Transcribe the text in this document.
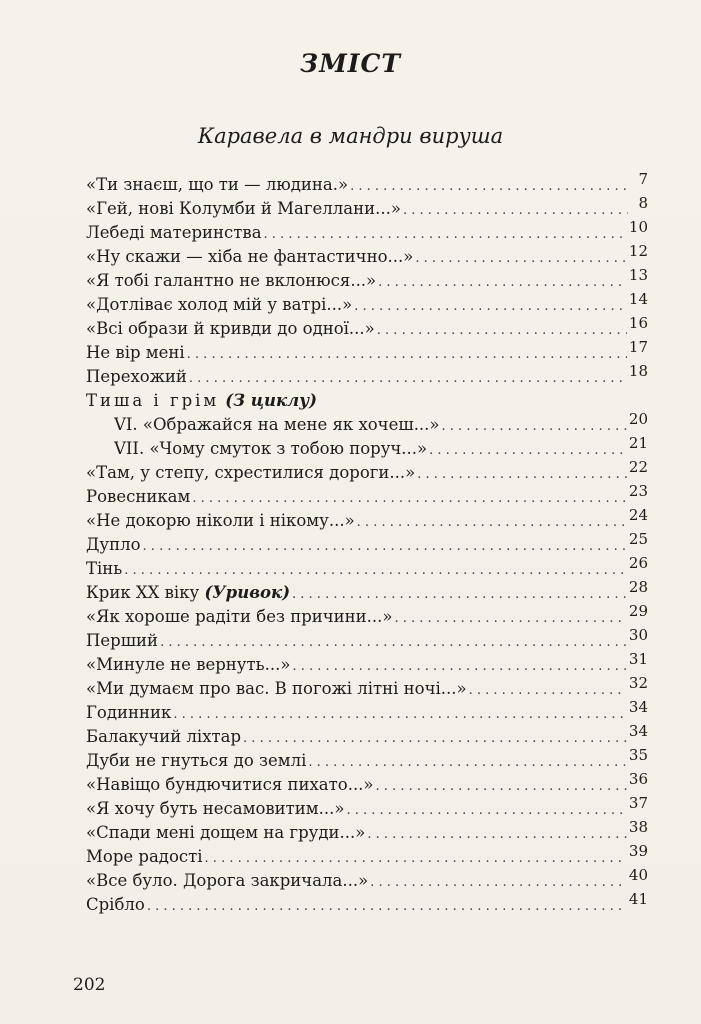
ЗМІСТ
Каравела в мандри вируша
«Ти знаєш, що ти — людина.» . . .	7
«Гей, нові Колумби й Магеллани...» . . .	8
Лебеді материнства . . .	10
«Ну скажи — хіба не фантастично...» . . .	12
«Я тобі галантно не вклонюся...» . . .	13
«Дотліває холод мій у ватрі...» . . .	14
«Всі образи й кривди до одної...» . . .	16
Не вір мені . . .	17
Перехожий . . .	18
Тиша і грім (З циклу)
VI. «Ображайся на мене як хочеш...» . . .	20
VII. «Чому смуток з тобою поруч...» . . .	21
«Там, у степу, схрестилися дороги...» . . .	22
Ровесникам . . .	23
«Не докорю ніколи і нікому...» . . .	24
Дупло . . .	25
Тінь . . .	26
Крик XX віку (Уривок) . . .	28
«Як хороше радіти без причини...» . . .	29
Перший . . .	30
«Минуле не вернуть...» . . .	31
«Ми думаєм про вас. В погожі літні ночі...» . . .	32
Годинник . . .	34
Балакучий ліхтар . . .	34
Дуби не гнуться до землі . . .	35
«Навіщо бундючитися пихато...» . . .	36
«Я хочу буть несамовитим...» . . .	37
«Спади мені дощем на груди...» . . .	38
Море радості . . .	39
«Все було. Дорога закричала...» . . .	40
Срібло . . .	41
202
